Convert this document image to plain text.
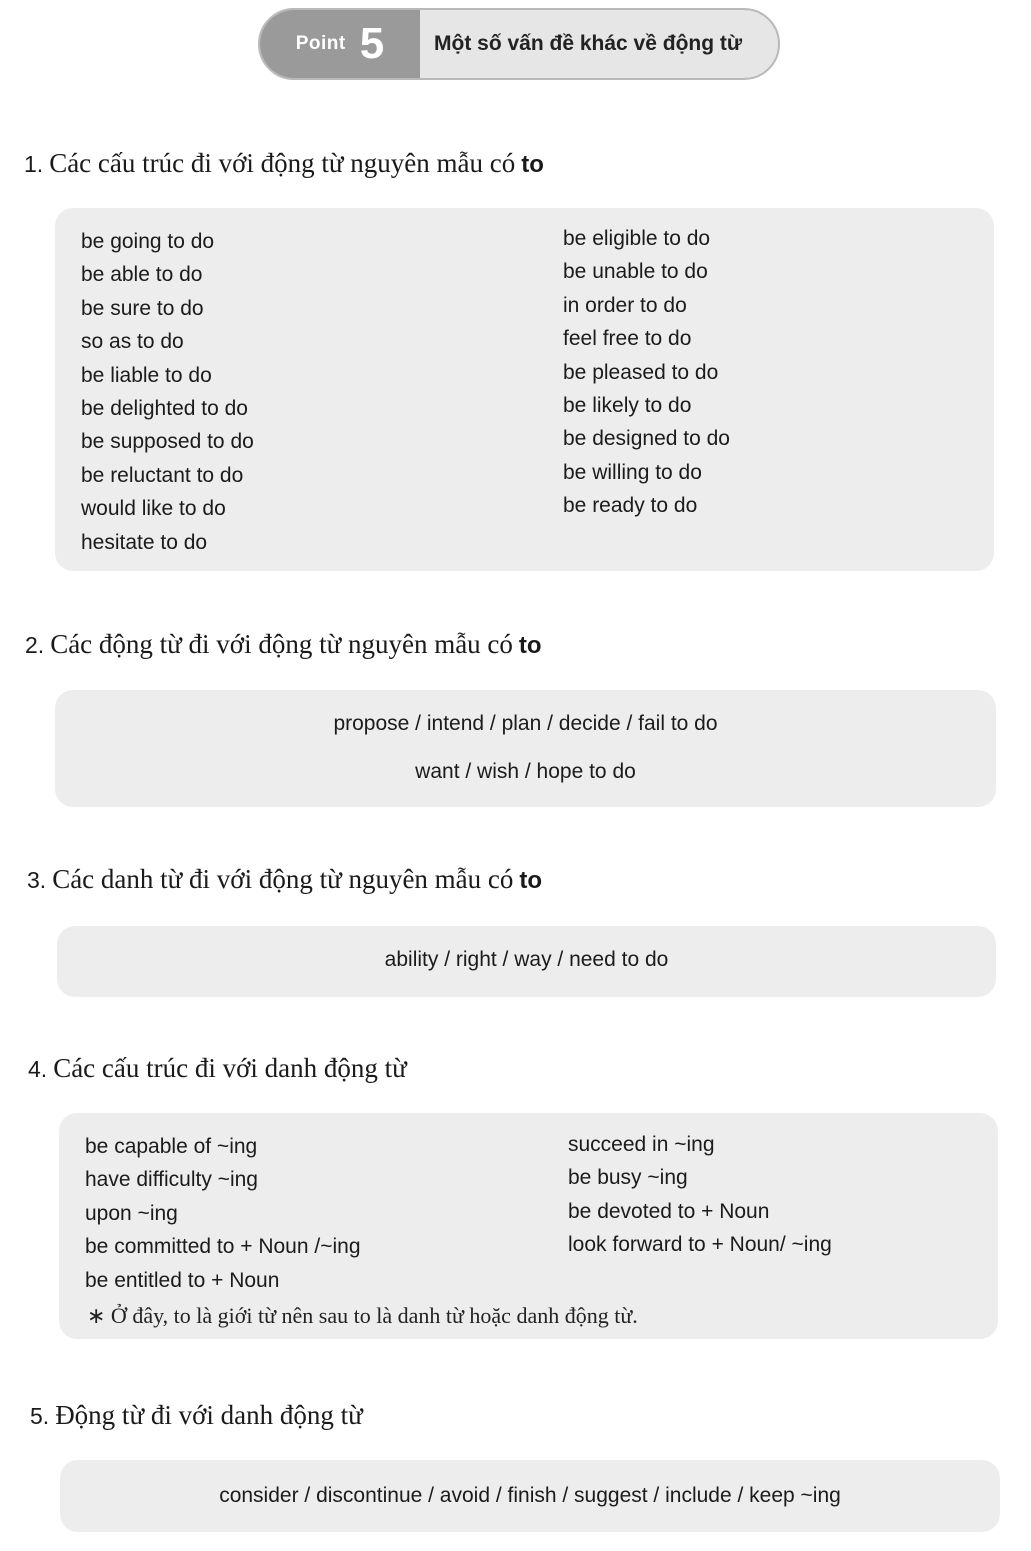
Point 5	Một số vấn đề khác về động từ
1. Các cấu trúc đi với động từ nguyên mẫu có to
be going to do
be able to do
be sure to do
so as to do
be liable to do
be delighted to do
be supposed to do
be reluctant to do
would like to do
hesitate to do
be eligible to do
be unable to do
in order to do
feel free to do
be pleased to do
be likely to do
be designed to do
be willing to do
be ready to do
2. Các động từ đi với động từ nguyên mẫu có to
propose / intend / plan / decide / fail to do
want / wish / hope to do
3. Các danh từ đi với động từ nguyên mẫu có to
ability / right / way / need to do
4. Các cấu trúc đi với danh động từ
be capable of ~ing
have difficulty ~ing
upon ~ing
be committed to + Noun /~ing
be entitled to + Noun
succeed in ~ing
be busy ~ing
be devoted to + Noun
look forward to + Noun/ ~ing
∗ Ở đây, to là giới từ nên sau to là danh từ hoặc danh động từ.
5. Động từ đi với danh động từ
consider / discontinue / avoid / finish / suggest / include / keep ~ing
